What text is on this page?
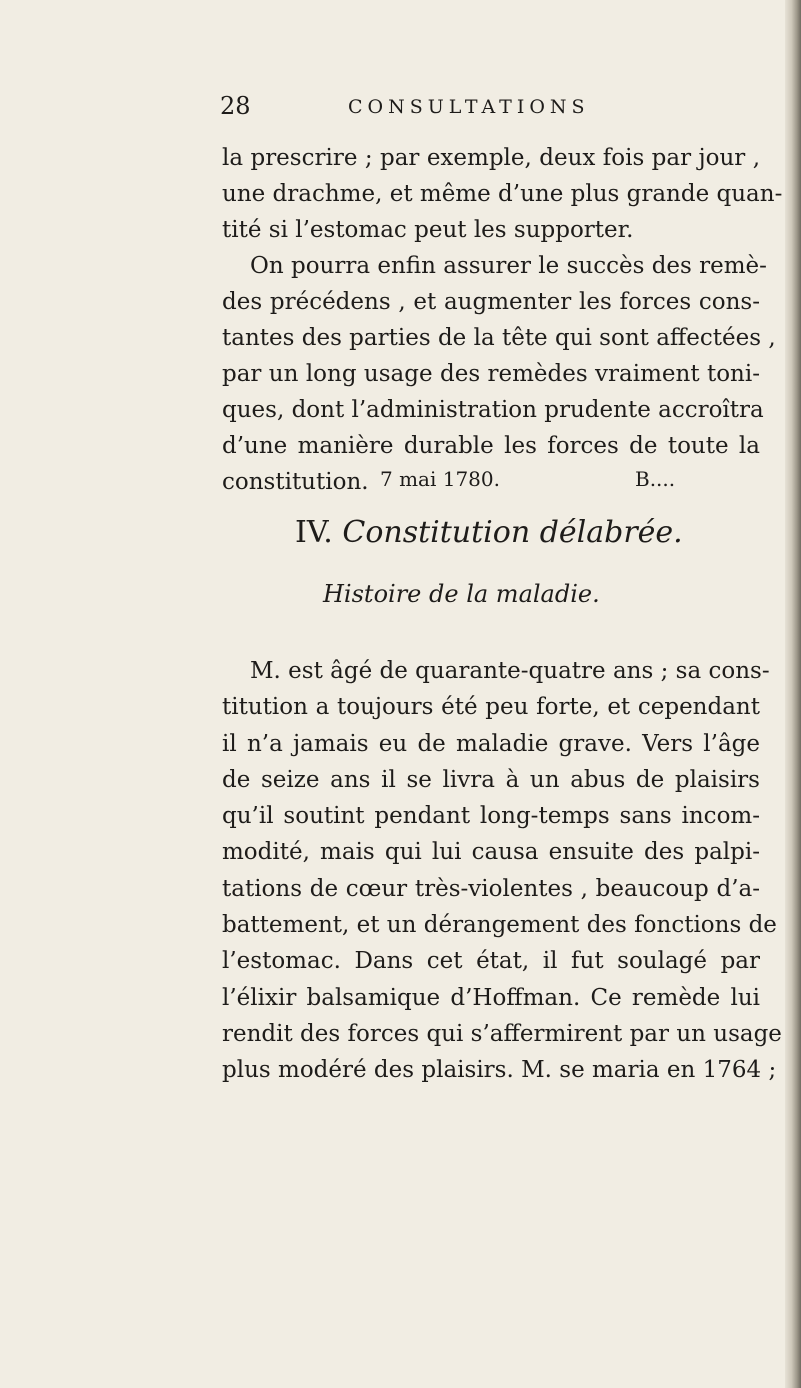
28	CONSULTATIONS
la prescrire ; par exemple, deux fois par jour ,
une drachme, et même d’une plus grande quan-
tité si l’estomac peut les supporter.
On pourra enfin assurer le succès des remè-
des précédens , et augmenter les forces cons-
tantes des parties de la tête qui sont affectées ,
par un long usage des remèdes vraiment toni-
ques, dont l’administration prudente accroîtra
d’une manière durable les forces de toute la
constitution. 7 mai 1780.	B....
IV. Constitution délabrée.
Histoire de la maladie.
M. est âgé de quarante-quatre ans ; sa cons-
titution a toujours été peu forte, et cependant
il n’a jamais eu de maladie grave. Vers l’âge
de seize ans il se livra à un abus de plaisirs
qu’il soutint pendant long-temps sans incom-
modité, mais qui lui causa ensuite des palpi-
tations de cœur très-violentes , beaucoup d’a-
battement, et un dérangement des fonctions de
l’estomac. Dans cet état, il fut soulagé par
l’élixir balsamique d’Hoffman. Ce remède lui
rendit des forces qui s’affermirent par un usage
plus modéré des plaisirs. M. se maria en 1764 ;
